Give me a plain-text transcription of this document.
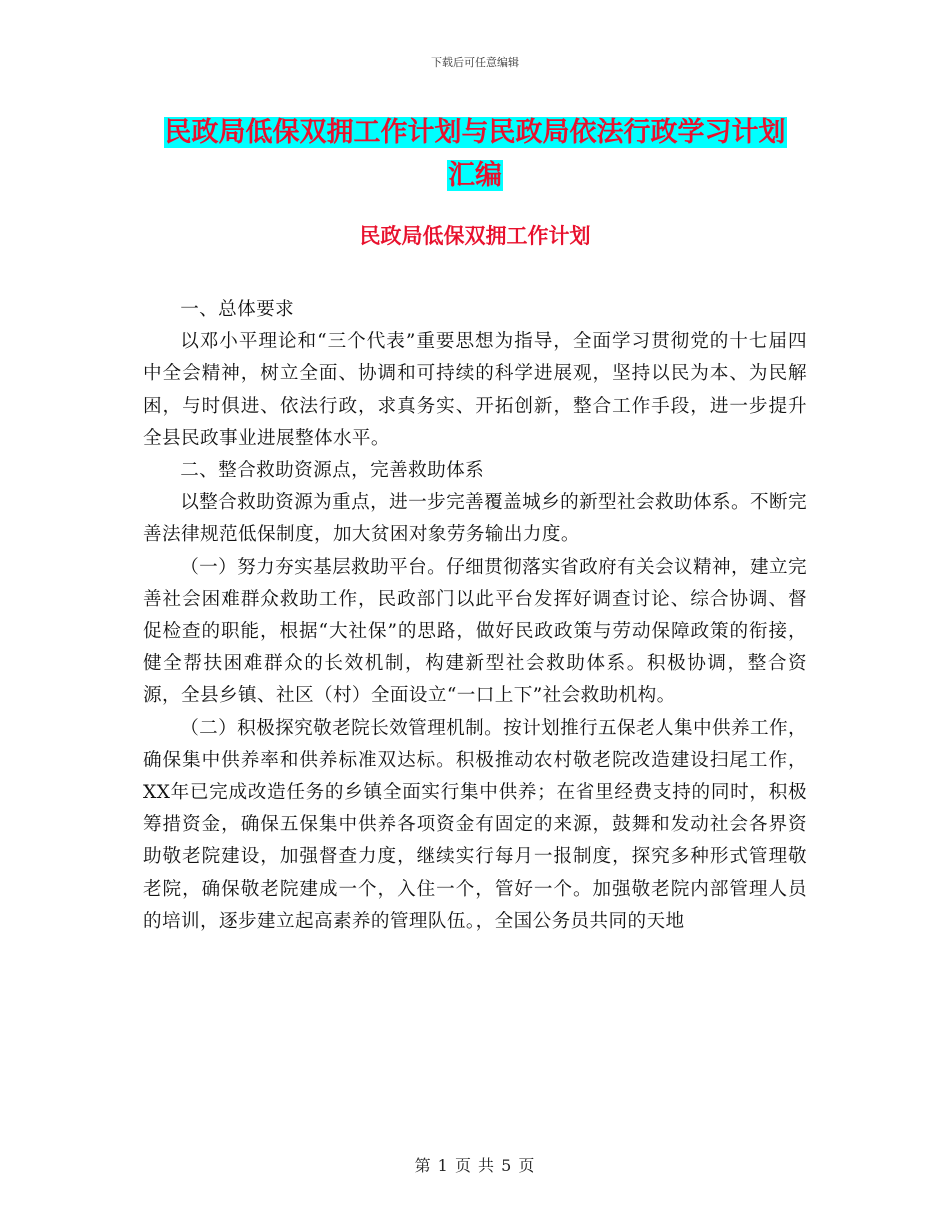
下载后可任意编辑
民政局低保双拥工作计划与民政局依法行政学习计划
汇编
民政局低保双拥工作计划

一、总体要求

以邓小平理论和“三个代表”重要思想为指导，全面学习贯彻党的十七届四中全会精神，树立全面、协调和可持续的科学进展观，坚持以民为本、为民解困，与时俱进、依法行政，求真务实、开拓创新，整合工作手段，进一步提升全县民政事业进展整体水平。

二、整合救助资源点，完善救助体系

以整合救助资源为重点，进一步完善覆盖城乡的新型社会救助体系。不断完善法律规范低保制度，加大贫困对象劳务输出力度。

（一）努力夯实基层救助平台。仔细贯彻落实省政府有关会议精神，建立完善社会困难群众救助工作，民政部门以此平台发挥好调查讨论、综合协调、督促检查的职能，根据“大社保”的思路，做好民政政策与劳动保障政策的衔接，健全帮扶困难群众的长效机制，构建新型社会救助体系。积极协调，整合资源，全县乡镇、社区（村）全面设立“一口上下”社会救助机构。

（二）积极探究敬老院长效管理机制。按计划推行五保老人集中供养工作，确保集中供养率和供养标准双达标。积极推动农村敬老院改造建设扫尾工作，XX年已完成改造任务的乡镇全面实行集中供养；在省里经费支持的同时，积极筹措资金，确保五保集中供养各项资金有固定的来源，鼓舞和发动社会各界资助敬老院建设，加强督查力度，继续实行每月一报制度，探究多种形式管理敬老院，确保敬老院建成一个，入住一个，管好一个。加强敬老院内部管理人员的培训，逐步建立起高素养的管理队伍。，全国公务员共同的天地

第 1 页 共 5 页
